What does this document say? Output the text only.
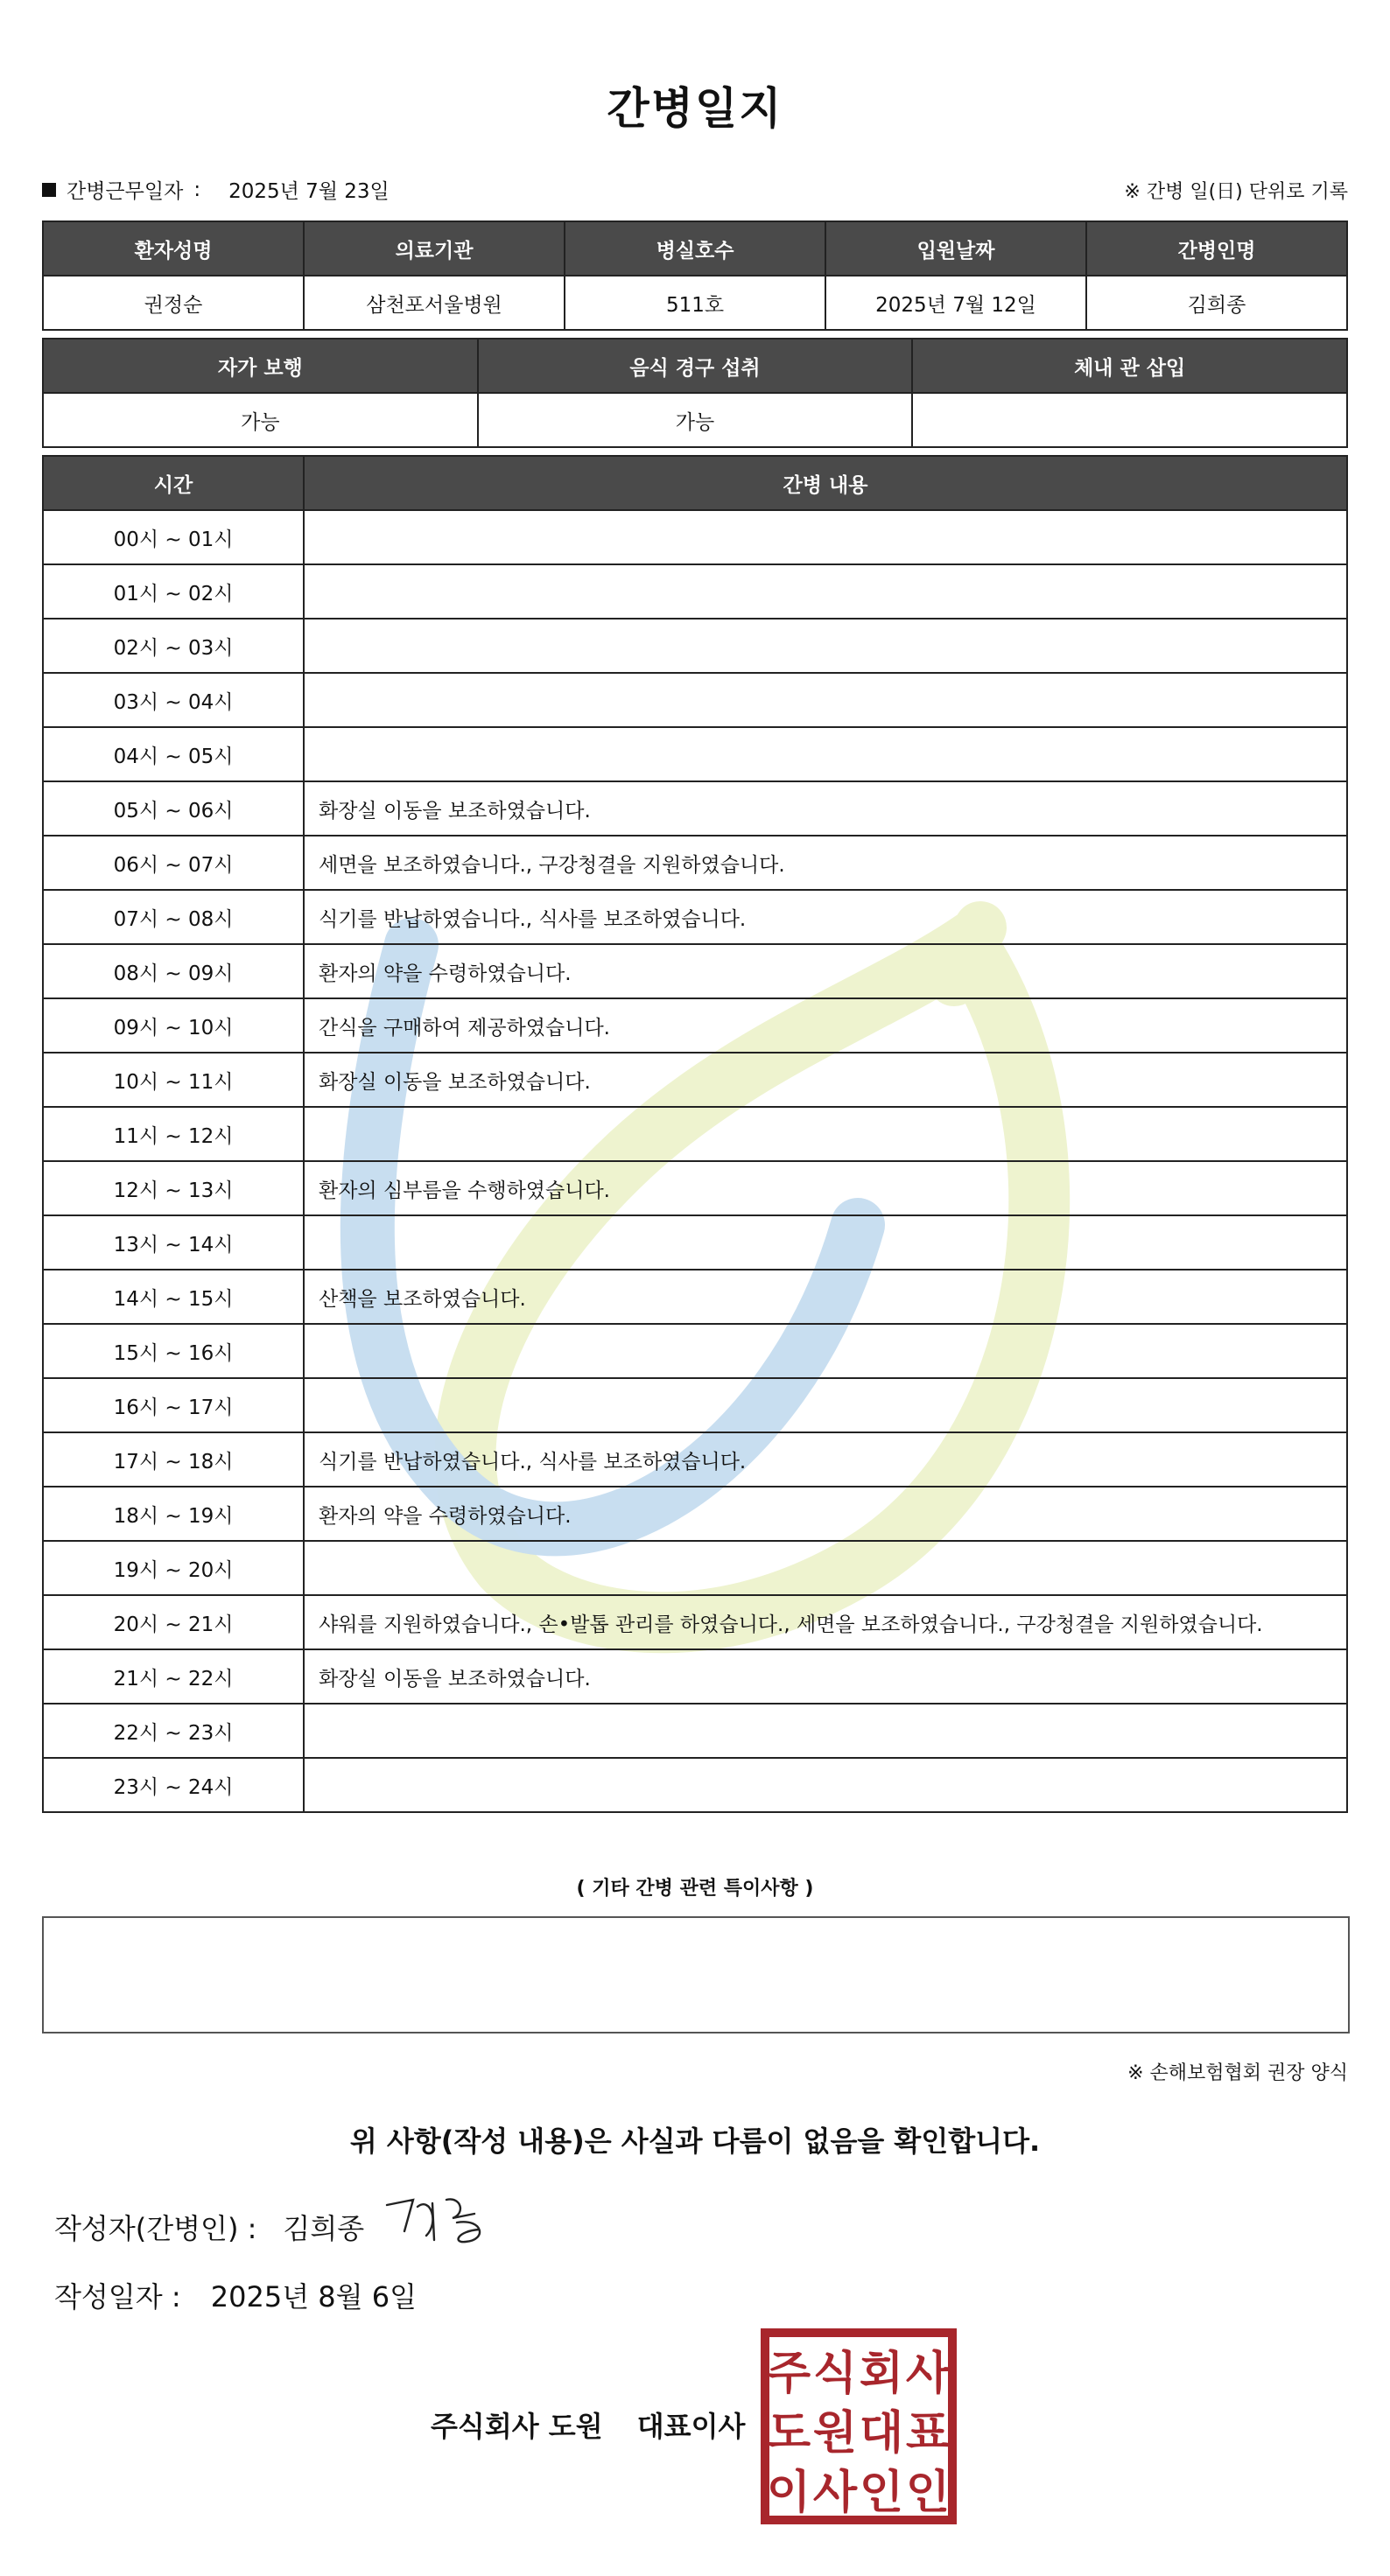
간병일지
간병근무일자 : 2025년 7월 23일	※ 간병 일(日) 단위로 기록
환자성명	의료기관	병실호수	입원날짜	간병인명
권정순	삼천포서울병원	511호	2025년 7월 12일	김희종
자가 보행	음식 경구 섭취	체내 관 삽입
가능	가능	
시간	간병 내용
00시 ~ 01시	
01시 ~ 02시	
02시 ~ 03시	
03시 ~ 04시	
04시 ~ 05시	
05시 ~ 06시	화장실 이동을 보조하였습니다.
06시 ~ 07시	세면을 보조하였습니다., 구강청결을 지원하였습니다.
07시 ~ 08시	식기를 반납하였습니다., 식사를 보조하였습니다.
08시 ~ 09시	환자의 약을 수령하였습니다.
09시 ~ 10시	간식을 구매하여 제공하였습니다.
10시 ~ 11시	화장실 이동을 보조하였습니다.
11시 ~ 12시	
12시 ~ 13시	환자의 심부름을 수행하였습니다.
13시 ~ 14시	
14시 ~ 15시	산책을 보조하였습니다.
15시 ~ 16시	
16시 ~ 17시	
17시 ~ 18시	식기를 반납하였습니다., 식사를 보조하였습니다.
18시 ~ 19시	환자의 약을 수령하였습니다.
19시 ~ 20시	
20시 ~ 21시	샤워를 지원하였습니다., 손•발톱 관리를 하였습니다., 세면을 보조하였습니다., 구강청결을 지원하였습니다.
21시 ~ 22시	화장실 이동을 보조하였습니다.
22시 ~ 23시	
23시 ~ 24시	
( 기타 간병 관련 특이사항 )
※ 손해보험협회 권장 양식
위 사항(작성 내용)은 사실과 다름이 없음을 확인합니다.
작성자(간병인) : 김희종
작성일자 : 2025년 8월 6일
주식회사 도원 대표이사
주 식 회 사
도 원 대 표
이 사 인 인
